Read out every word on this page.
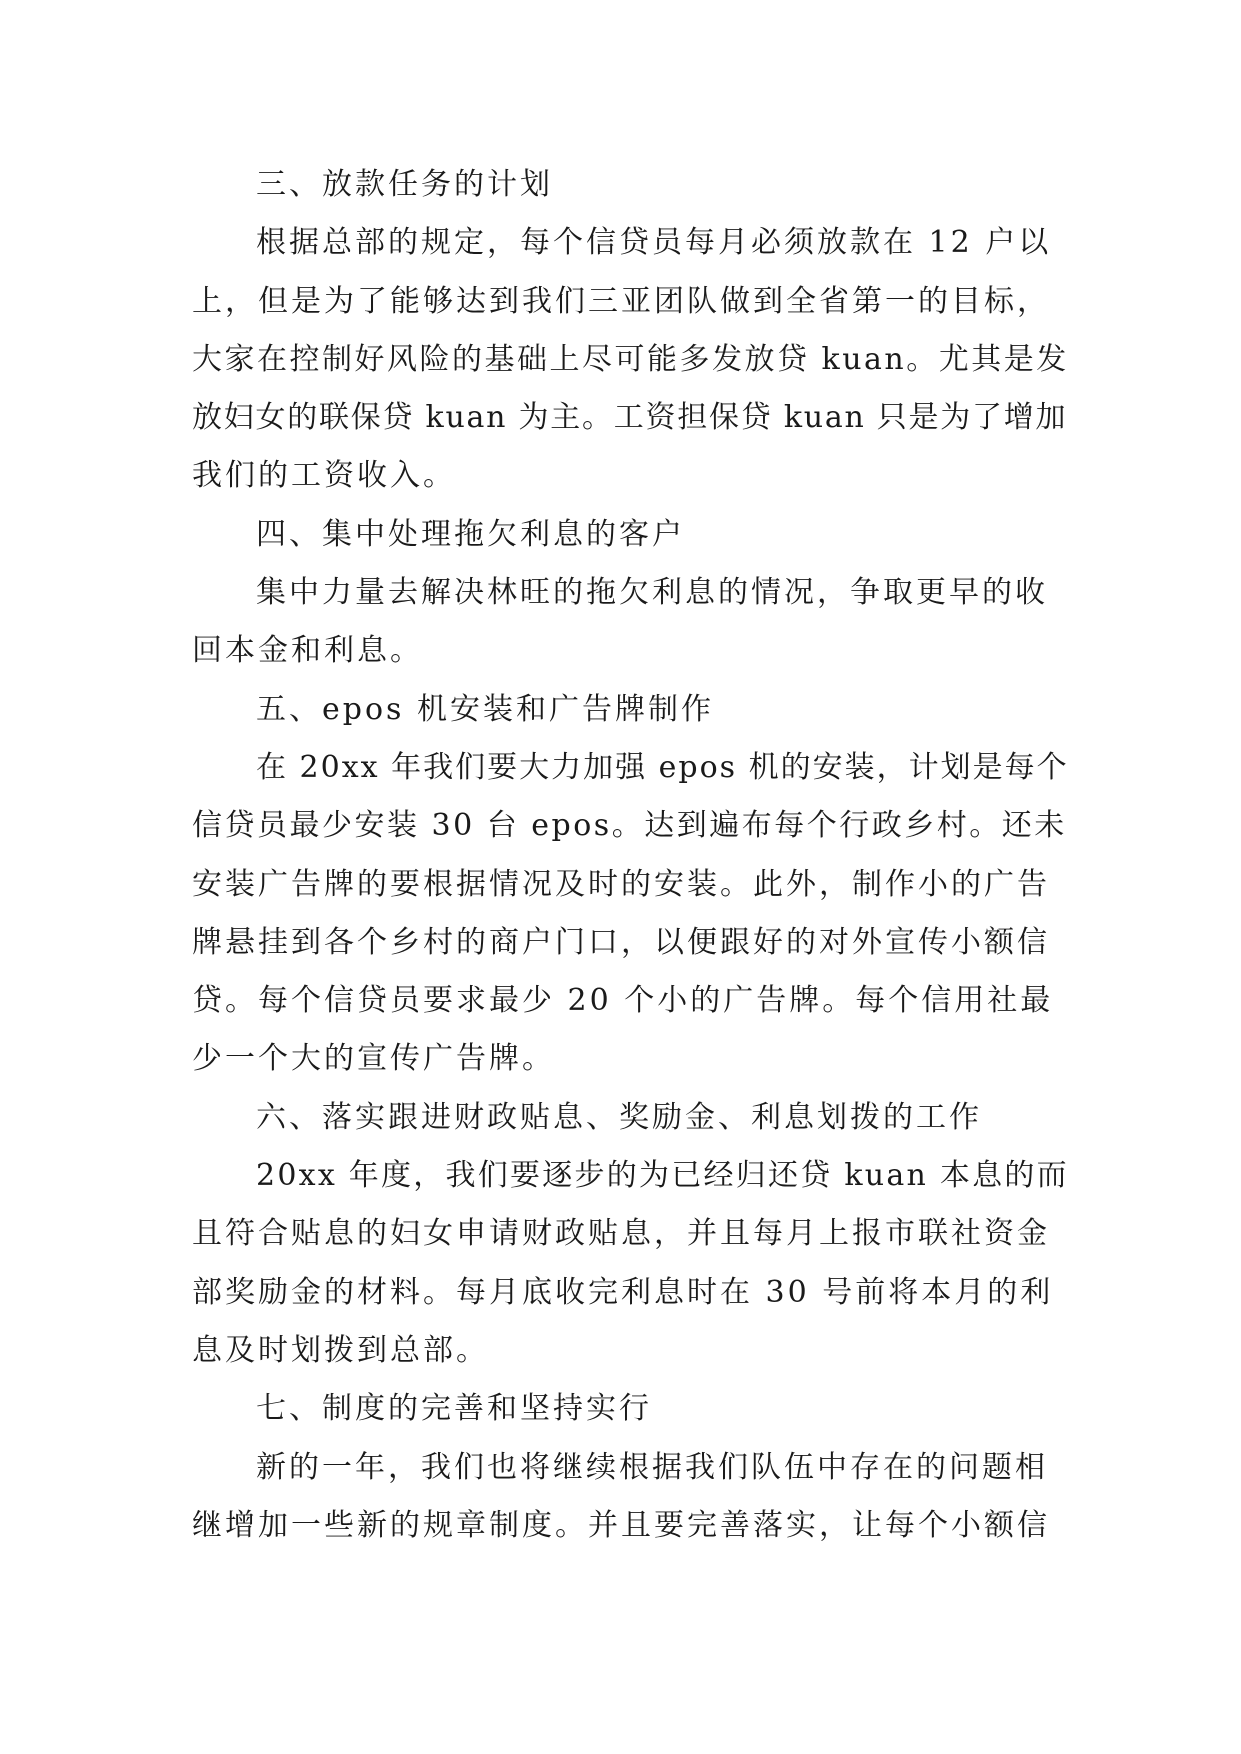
三、放款任务的计划
根据总部的规定，每个信贷员每月必须放款在 12 户以
上，但是为了能够达到我们三亚团队做到全省第一的目标，
大家在控制好风险的基础上尽可能多发放贷 kuan。尤其是发
放妇女的联保贷 kuan 为主。工资担保贷 kuan 只是为了增加
我们的工资收入。
四、集中处理拖欠利息的客户
集中力量去解决林旺的拖欠利息的情况，争取更早的收
回本金和利息。
五、epos 机安装和广告牌制作
在 20xx 年我们要大力加强 epos 机的安装，计划是每个
信贷员最少安装 30 台 epos。达到遍布每个行政乡村。还未
安装广告牌的要根据情况及时的安装。此外，制作小的广告
牌悬挂到各个乡村的商户门口，以便跟好的对外宣传小额信
贷。每个信贷员要求最少 20 个小的广告牌。每个信用社最
少一个大的宣传广告牌。
六、落实跟进财政贴息、奖励金、利息划拨的工作
20xx 年度，我们要逐步的为已经归还贷 kuan 本息的而
且符合贴息的妇女申请财政贴息，并且每月上报市联社资金
部奖励金的材料。每月底收完利息时在 30 号前将本月的利
息及时划拨到总部。
七、制度的完善和坚持实行
新的一年，我们也将继续根据我们队伍中存在的问题相
继增加一些新的规章制度。并且要完善落实，让每个小额信
